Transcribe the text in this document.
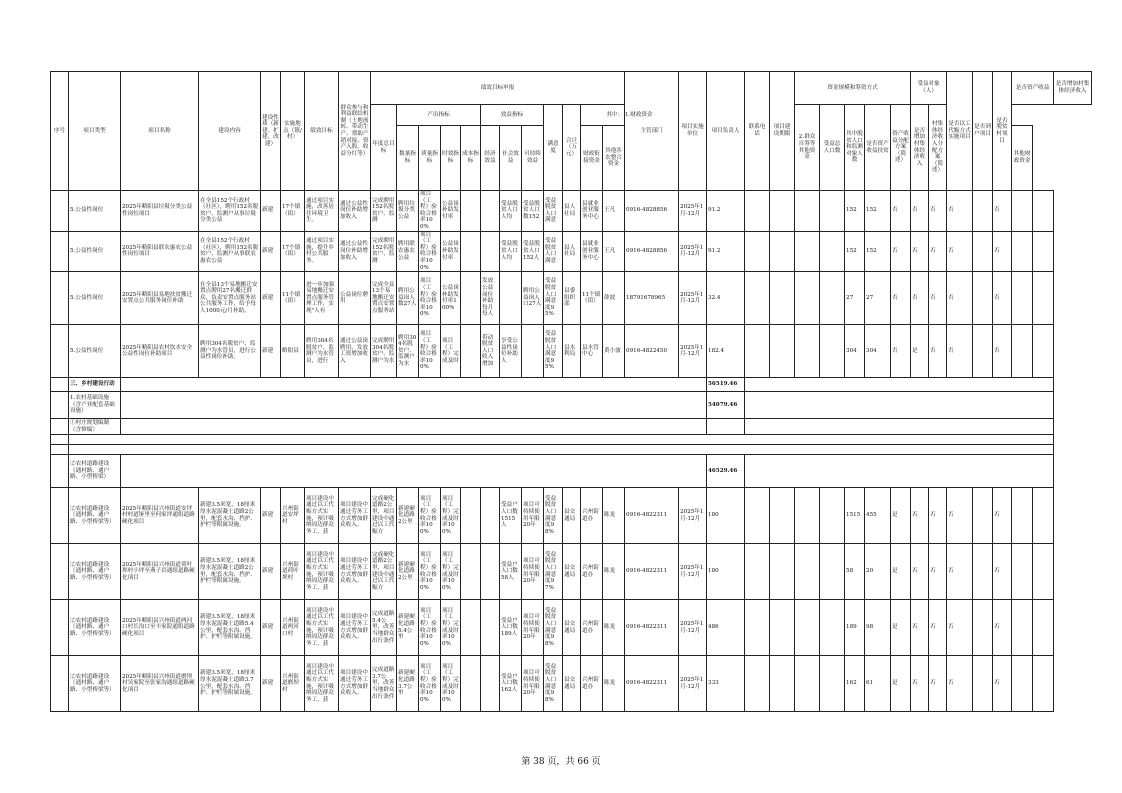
序号	项目类型	项目名称	建设内容	建设性质（新建、扩建、改建）	实施地点（镇/村）	绩效目标	群众参与和利益联结机制（土地流转、带动生产、帮助产销对接、资产入股、收益分红等）	绩效目标申报												主管部门	项目实施单位	项目负责人	联系电话	项目建设期限	资金规模和筹资方式					受益对象（人）		是否以工代赈方式实施项目	是否到户项目	是否脱贫村项目	是否资产收益		是否增加村集体经济收入
								年度总目标	产出指标				效益指标			满意度	合计（万元）	其中： 1.财政资金							2.群众自筹等其他资金	受益总人口数	其中脱贫人口和监测对象人数	是否资产收益扶贫	资产收益分配方案（简述）	是否增加村集体经济收入	村集体经济收入分配方案（简述）						
									数量指标	质量指标	时效指标	成本指标	经济效益	社会效益	可持续效益			财政衔接资金	其他涉农整合资金																其他财政资金		
	5.公益性岗位	2025年略阳县垃圾分类公益性岗位项目	在全县152个行政村（社区），聘用152名脱贫户、监测户从事垃圾分类公益	新建	17个镇（街）	通过项目实施，改善居住环境卫生。	通过公益性岗位补助增加收入	完成聘用152名脱贫户、监测	聘用垃圾分类公益	项目（工程）验收合格率100%	公益岗补助发付率			受益脱贫人口人均	受益脱贫人口数152	受益脱贫人口满意	县人社局	县就业创业服务中心	王凡	0916-4828856	2025年1月-12月	91.2					152	152	否	否	否	否		否			
	5.公益性岗位	2025年略阳县联农惠农公益性岗位项目	在全县152个行政村（社区），聘用152名脱贫户、监测户从事联农惠农公益	新建	17个镇（街）	通过项目实施，提升乡村公共服务。	通过公益性岗位补助增加收入	完成聘用152名脱贫户、监测	聘用联农惠农公益	项目（工程）验收合格率100%	公益岗补助发付率			受益脱贫人口人均	受益脱贫人口152人	受益脱贫人口满意	县人社局	县就业创业服务中心	王凡	0916-4828856	2025年1月-12月	91.2					152	152	否	否	否	否		否			
	5.公益性岗位	2025年略阳县易地扶贫搬迁安置点公共服务岗位补助	在全县13个易地搬迁安置点聘用27名搬迁群众，负责安置点服务站公共服务工作，给予每人1000元/月补助。	新建	11个镇（街）	进一步加强易地搬迁安置点服务管理工作，实现"人有	公益岗位聘用	完成全县13个易地搬迁安置点安置点服务站	聘用公益岗人数27人	项目（工程）验收合格率100%	公益岗补助发付率100%		发放公益岗位补助每月每人		聘用公益岗人口27人	受益脱贫人口满意度95%	县委组织部	11个镇（街）	薛波	18791678965	2025年1月-12月	32.4					27	27	否	否	否	否		否			
	5.公益性岗位	2025年略阳县农村饮水安全公益性岗位补助项目	聘用304名脱贫户、监测户为水管员，进行公益性岗位补助。	新建	略阳县	聘用304名脱贫户、监测户为水管员，进行	通过公益岗聘用，发放工资增加收入	完成聘用304名脱贫户、监测户为水	聘用304名脱贫户、监测户为水	项目（工程）验收合格率100%	项目（工程）完成及时		带动脱贫人口收入增加	享受公益性岗位补助人		受益脱贫人口满意度95%	县水利局	县水管中心	黄小波	0916-4822450	2025年1月-12月	182.4					304	304	否	是	否	否		否			
	三、乡村建设行动																					56519.46															
	1.农村基础设施（含产业配套基础设施）																					54079.46															
	①村庄规划编制（含修编）																																				

	②农村道路建设（通村路、通户路、小型桥梁）																					46529.46															
	②农村道路建设（通村路、通户路、小型桥梁等）	2025年略阳县兴州街道安坪村村道垭里至何家坪通组道路硬化项目	新建3.5米宽、18厘米厚水泥混凝土道路2公里，配套水沟、挡护、护栏等附属设施。	新建	兴州街道安坪村	项目建设中通过以工代赈方式实施，预计吸纳周边群众务工，获	项目建设中通过劳务工方式增加群众收入。	完成硬化道路2公里，项目建设中通过以工代赈方	新建硬化道路2公里	项目（工程）验收合格率100%	项目（工程）完成及时率100%			受益户人口数1515人	项目可持续使用年限20年	受益脱贫人口满意度98%	县交通局	兴州街道办	陈龙	0916-4822311	2025年1月-12月	180					1515	455	是	否	否	否		否			
	②农村道路建设（通村路、通户路、小型桥梁等）	2025年略阳县兴州街道荷叶坝村小坪至燕子岩通组道路硬化项目	新建3.5米宽、18厘米厚水泥混凝土道路2公里，配套水沟、挡护、护栏等附属设施。	新建	兴州街道荷叶坝村	项目建设中通过以工代赈方式实施，预计吸纳周边群众务工，获	项目建设中通过劳务工方式增加群众收入。	完成硬化道路2公里，项目建设中通过以工代赈方	新建硬化道路2公里	项目（工程）验收合格率100%	项目（工程）完成及时率100%			受益户人口数58人	项目可持续使用年限20年	受益脱贫人口满意度97%	县交通局	兴州街道办	陈龙	0916-4822311	2025年1月-12月	180					58	20	是	否	否	否		否			
	②农村道路建设（通村路、通户路、小型桥梁等）	2025年略阳县兴州街道两河口村长沟口至丰家院通组道路硬化项目	新建3.5米宽、18厘米厚水泥混凝土道路5.4公里，配套水沟、挡护、护栏等附属设施。	新建	兴州街道两河口村	项目建设中通过以工代赈方式实施，预计吸纳周边群众务工，获	项目建设中通过劳务工方式增加群众收入。	完成道路5.4公里，改善当地群众出行条件	新建硬化道路5.4公里	项目（工程）验收合格率100%	项目（工程）完成及时率100%			受益户人口数189人	项目可持续使用年限20年	受益脱贫人口满意度98%	县交通局	兴州街道办	陈龙	0916-4822311	2025年1月-12月	486					189	98	是	否	否	否		否			
	②农村道路建设（通村路、通户路、小型桥梁等）	2025年略阳县兴州街道磨坝村吴家院至张家沟通组道路硬化项目	新建3.5米宽、18厘米厚水泥混凝土道路3.7公里，配套水沟、挡护、护栏等附属设施。	新建	兴州街道磨坝村	项目建设中通过以工代赈方式实施，预计吸纳周边群众务工，获	项目建设中通过劳务工方式增加群众收入。	完成道路3.7公里，改善当地群众出行条件	新建硬化道路3.7公里	项目（工程）验收合格率100%	项目（工程）完成及时率100%			受益户人口数162人	项目可持续使用年限20年	受益脱贫人口满意度98%	县交通局	兴州街道办	陈龙	0916-4822311	2025年1月-12月	333					162	61	是	否	否	否		否			
第 38 页，共 66 页
